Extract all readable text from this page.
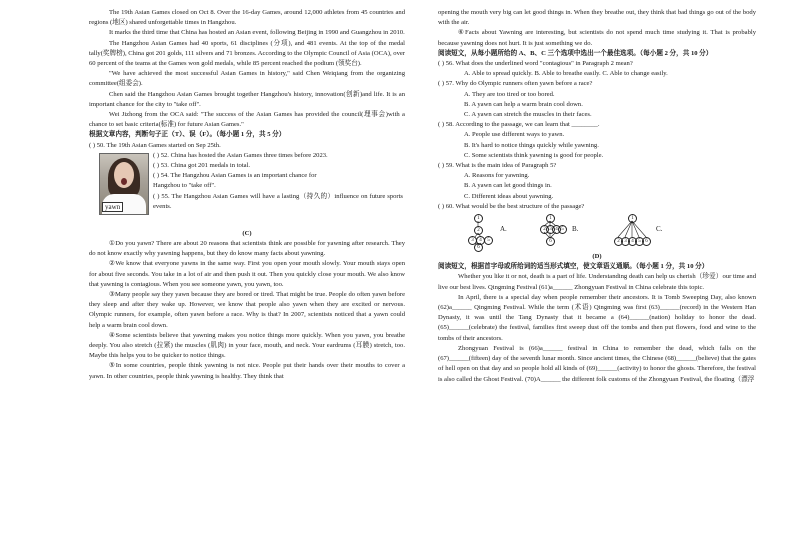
The 19th Asian Games closed on Oct 8. Over the 16-day Games, around 12,000 athletes from 45 countries and regions (地区) shared unforgettable times in Hangzhou.

It marks the third time that China has hosted an Asian event, following Beijing in 1990 and Guangzhou in 2010.

The Hangzhou Asian Games had 40 sports, 61 disciplines (分项), and 481 events. At the top of the medal tally(奖牌榜), China got 201 golds, 111 silvers and 71 bronzes. According to the Olympic Council of Asia (OCA), over 60 percent of the teams at the Games won gold medals, while 85 percent reached the podium (领奖台).

"We have achieved the most successful Asian Games in history," said Chen Weiqiang from the organizing committee(组委会).

Chen said the Hangzhou Asian Games brought together Hangzhou's history, innovation(创新)and life. It is an important chance for the city to "take off".

Wei Jizhong from the OCA said: "The success of the Asian Games has provided the council(理事会)with a chance to set basic criteria(标准) for future Asian Games."

根据文章内容，判断句子正（T）、误（F）。（每小题 1 分，共 5 分）

( ) 50. The 19th Asian Games started on Sep 25th.

yawn

( ) 52. China has hosted the Asian Games three times before 2023.

( ) 53. China got 201 medals in total.

( ) 54. The Hangzhou Asian Games is an important chance for

Hangzhou to "take off".

( ) 55. The Hangzhou Asian Games will have a lasting（持久的）influence on future sports events.

(C)

①Do you yawn? There are about 20 reasons that scientists think are possible for yawning after research. They do not know exactly why yawning happens, but they do know many facts about yawning.

②We know that everyone yawns in the same way. First you open your mouth slowly. Your mouth stays open for about five seconds. You take in a lot of air and then push it out. Then you quickly close your mouth. We also know that yawning is contagious. When you see someone yawn, you yawn, too.

③Many people say they yawn because they are bored or tired. That might be true. People do often yawn before they sleep and after they wake up. However, we know that people also yawn when they are excited or nervous. Olympic runners, for example, often yawn before a race. Why is that? In 2007, scientists noticed that a yawn could help a warm brain cool down.

④Some scientists believe that yawning makes you notice things more quickly. When you yawn, you breathe deeply. You also stretch (拉紧) the muscles (肌肉) in your face, mouth, and neck. Your eardrums (耳膜) stretch, too. Maybe this helps you to be quicker to notice things.

⑤In some countries, people think yawning is not nice. People put their hands over their mouths to cover a yawn. In other countries, people think yawning is healthy. They think that

opening the mouth very big can let good things in. When they breathe out, they think that bad things go out of the body with the air.

⑥Facts about Yawning are interesting, but scientists do not spend much time studying it. That is probably because yawning does not hurt. It is just something we do.

阅读短文，从每小题所给的 A、B、C 三个选项中选出一个最佳选项。（每小题 2 分，共 10 分）

( ) 56. What does the underlined word "contagious" in Paragraph 2 mean?

A. Able to spread quickly. B. Able to breathe easily. C. Able to change easily.

( ) 57. Why do Olympic runners often yawn before a race?

A. They are too tired or too bored.

B. A yawn can help a warm brain cool down.

C. A yawn can stretch the muscles in their faces.

( ) 58. According to the passage, we can learn that ________.

A. People use different ways to yawn.

B. It's hard to notice things quickly while yawning.

C. Some scientists think yawning is good for people.

( ) 59. What is the main idea of Paragraph 5?

A. Reasons for yawning.

B. A yawn can let good things in.

C. Different ideas about yawning.

( ) 60. What would be the best structure of the passage?

1
2
3	4	5
6
A.
1
2 3 4 5
6
B.
1
2 3 4 5 6
C.

(D)

阅读短文，根据首字母或所给词的适当形式填空，使文章语义通顺。（每小题 1 分，共 10 分）

Whether you like it or not, death is a part of life. Understanding death can help us cherish（珍爱）our time and live our best lives. Qingming Festival (61)a______ Zhongyuan Festival in China celebrate this topic.

In April, there is a special day when people remember their ancestors. It is Tomb Sweeping Day, also known (62)a______ Qingming Festival. While the term (术语) Qingming was first (63)______(record) in the Western Han Dynasty, it was until the Tang Dynasty that it became a (64)______(nation) holiday to honor the dead. (65)______(celebrate) the festival, families first sweep dust off the tombs and then put flowers, food and wine to the tombs of their ancestors.

Zhongyuan Festival is (66)a______ festival in China to remember the dead, which falls on the (67)______(fifteen) day of the seventh lunar month. Since ancient times, the Chinese (68)______(believe) that the gates of hell open on that day and so people hold all kinds of (69)______(activity) to honor the ghosts. Therefore, the festival is also called the Ghost Festival. (70)A______ the different folk customs of the Zhongyuan Festival, the floating（漂浮
